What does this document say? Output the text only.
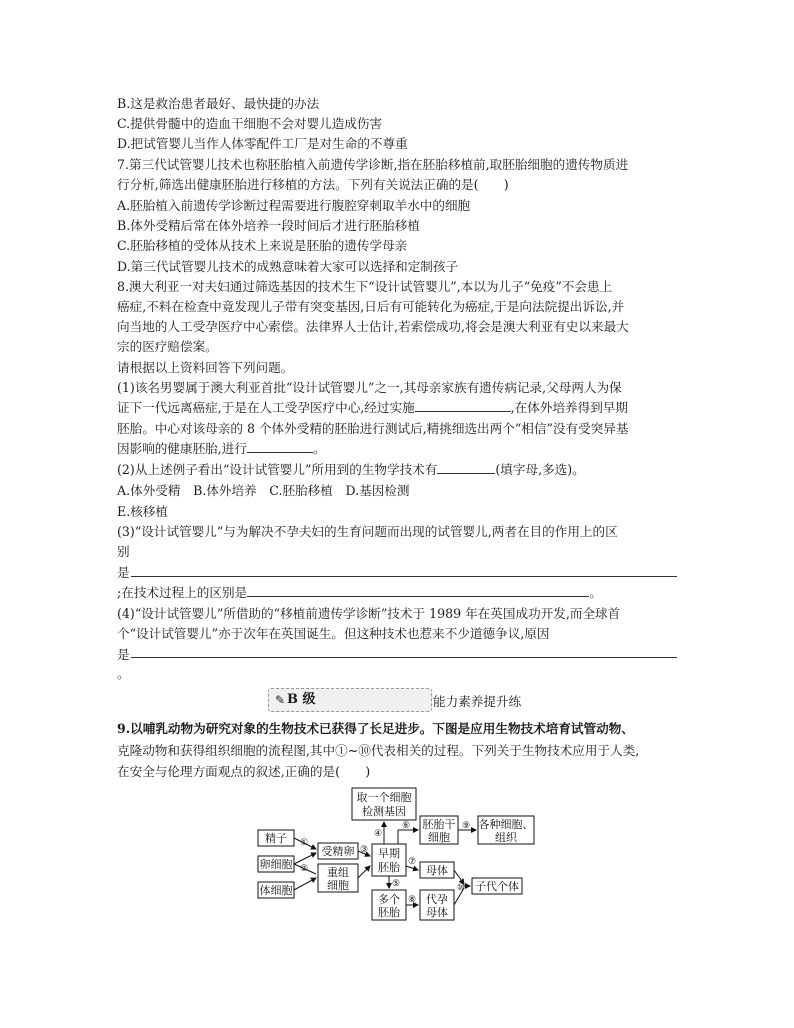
B.这是救治患者最好、最快捷的办法
C.提供骨髓中的造血干细胞不会对婴儿造成伤害
D.把试管婴儿当作人体零配件工厂是对生命的不尊重
7.第三代试管婴儿技术也称胚胎植入前遗传学诊断,指在胚胎移植前,取胚胎细胞的遗传物质进
行分析,筛选出健康胚胎进行移植的方法。下列有关说法正确的是(　　)
A.胚胎植入前遗传学诊断过程需要进行腹腔穿刺取羊水中的细胞
B.体外受精后常在体外培养一段时间后才进行胚胎移植
C.胚胎移植的受体从技术上来说是胚胎的遗传学母亲
D.第三代试管婴儿技术的成熟意味着大家可以选择和定制孩子
8.澳大利亚一对夫妇通过筛选基因的技术生下“设计试管婴儿”,本以为儿子“免疫”不会患上
癌症,不料在检查中竟发现儿子带有突变基因,日后有可能转化为癌症,于是向法院提出诉讼,并
向当地的人工受孕医疗中心索偿。法律界人士估计,若索偿成功,将会是澳大利亚有史以来最大
宗的医疗赔偿案。
请根据以上资料回答下列问题。
(1)该名男婴属于澳大利亚首批“设计试管婴儿”之一,其母亲家族有遗传病记录,父母两人为保
证下一代远离癌症,于是在人工受孕医疗中心,经过实施	,在体外培养得到早期
胚胎。中心对该母亲的 8 个体外受精的胚胎进行测试后,精挑细选出两个“相信”没有受突异基
因影响的健康胚胎,进行	。
(2)从上述例子看出“设计试管婴儿”所用到的生物学技术有	(填字母,多选)。
A.体外受精　B.体外培养　C.胚胎移植　D.基因检测
E.核移植
(3)“设计试管婴儿”与为解决不孕夫妇的生育问题而出现的试管婴儿,两者在目的作用上的区
别
是
;在技术过程上的区别是	。
(4)“设计试管婴儿”所借助的“移植前遗传学诊断”技术于 1989 年在英国成功开发,而全球首
个“设计试管婴儿”亦于次年在英国诞生。但这种技术也惹来不少道德争议,原因
是
。
✎ B 级	能力素养提升练
9.以哺乳动物为研究对象的生物技术已获得了长足进步。下图是应用生物技术培育试管动物、
克隆动物和获得组织细胞的流程图,其中①~⑩代表相关的过程。下列关于生物技术应用于人类,
在安全与伦理方面观点的叙述,正确的是(　　)
取一个细胞
检测基因
精子
卵细胞
体细胞
受精卵
重组
细胞
早期
胚胎
胚胎干
细胞
各种细胞、
组织
母体
子代个体
多个
胚胎
代孕
母体
①
②
③
④
⑤
⑥
⑦
⑧
⑨
⑩
